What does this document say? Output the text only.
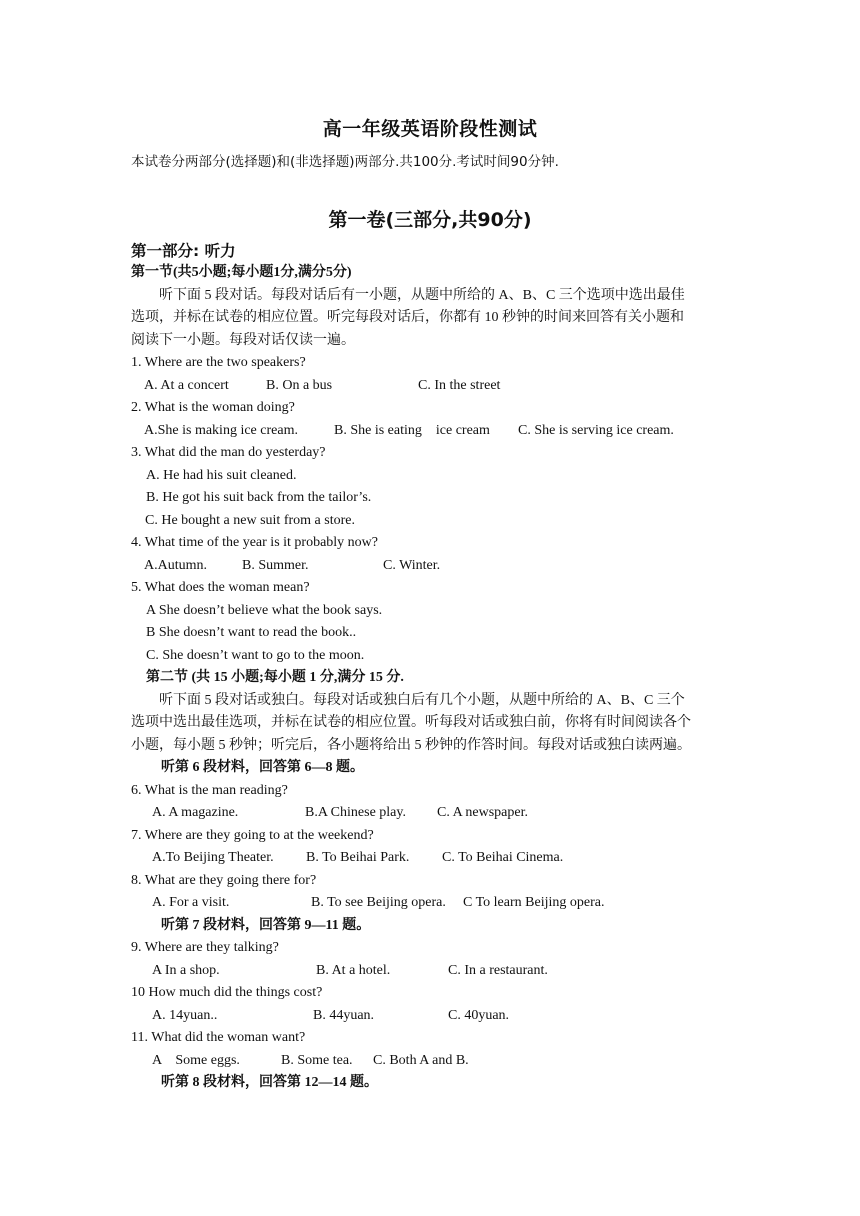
高一年级英语阶段性测试
本试卷分两部分(选择题)和(非选择题)两部分.共100分.考试时间90分钟.
第一卷(三部分,共90分)
第一部分: 听力
第一节(共5小题;每小题1分,满分5分)
听下面 5 段对话。每段对话后有一小题，从题中所给的 A、B、C 三个选项中选出最佳
选项，并标在试卷的相应位置。听完每段对话后，你都有 10 秒钟的时间来回答有关小题和
阅读下一小题。每段对话仅读一遍。
1. Where are the two speakers?
A. At a concert	B. On a bus	C. In the street
2. What is the woman doing?
A.She is making ice cream.	B. She is eating    ice cream C. She is serving ice cream.
3. What did the man do yesterday?
A. He had his suit cleaned.
B. He got his suit back from the tailor’s.
C. He bought a new suit from a store.
4. What time of the year is it probably now?
A.Autumn.	B. Summer.	C. Winter.
5. What does the woman mean?
A She doesn’t believe what the book says.
B She doesn’t want to read the book..
C. She doesn’t want to go to the moon.
第二节 (共 15 小题;每小题 1 分,满分 15 分.
听下面 5 段对话或独白。每段对话或独白后有几个小题，从题中所给的 A、B、C 三个
选项中选出最佳选项，并标在试卷的相应位置。听每段对话或独白前，你将有时间阅读各个
小题，每小题 5 秒钟；听完后，各小题将给出 5 秒钟的作答时间。每段对话或独白读两遍。
听第 6 段材料，回答第 6—8 题。
6. What is the man reading?
A. A magazine.	B.A Chinese play. C. A newspaper.
7. Where are they going to at the weekend?
A.To Beijing Theater. B. To Beihai Park. C. To Beihai Cinema.
8. What are they going there for?
A. For a visit.	B. To see Beijing opera. C To learn Beijing opera.
听第 7 段材料，回答第 9—11 题。
9. Where are they talking?
A In a shop.	B. At a hotel.	C. In a restaurant.
10 How much did the things cost?
A. 14yuan..	B. 44yuan.	C. 40yuan.
11. What did the woman want?
A    Some eggs.	B. Some tea. C. Both A and B.
听第 8 段材料，回答第 12—14 题。
